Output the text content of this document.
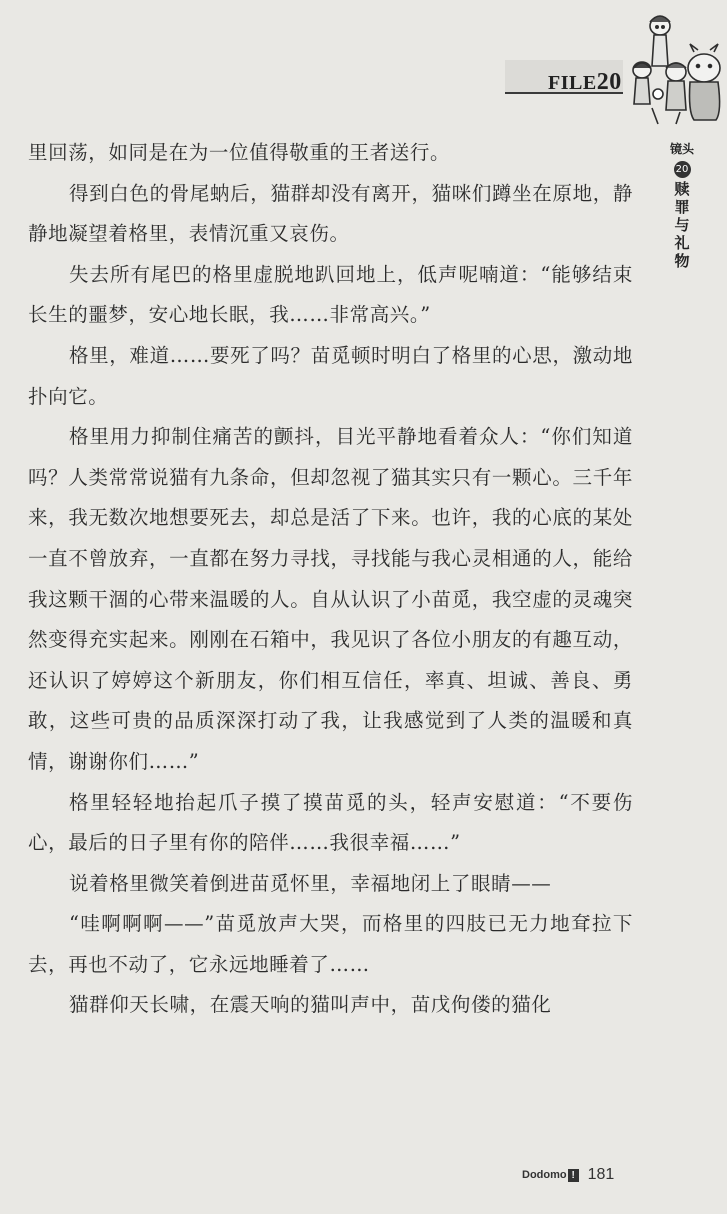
FILE20
镜头
20
赎
罪
与
礼
物

里回荡，如同是在为一位值得敬重的王者送行。

得到白色的骨尾蚋后，猫群却没有离开，猫咪们蹲坐在原地，静静地凝望着格里，表情沉重又哀伤。

失去所有尾巴的格里虚脱地趴回地上，低声呢喃道：“能够结束长生的噩梦，安心地长眠，我……非常高兴。”

格里，难道……要死了吗？苗觅顿时明白了格里的心思，激动地扑向它。

格里用力抑制住痛苦的颤抖，目光平静地看着众人：“你们知道吗？人类常常说猫有九条命，但却忽视了猫其实只有一颗心。三千年来，我无数次地想要死去，却总是活了下来。也许，我的心底的某处一直不曾放弃，一直都在努力寻找，寻找能与我心灵相通的人，能给我这颗干涸的心带来温暖的人。自从认识了小苗觅，我空虚的灵魂突然变得充实起来。刚刚在石箱中，我见识了各位小朋友的有趣互动，还认识了婷婷这个新朋友，你们相互信任，率真、坦诚、善良、勇敢，这些可贵的品质深深打动了我，让我感觉到了人类的温暖和真情，谢谢你们……”

格里轻轻地抬起爪子摸了摸苗觅的头，轻声安慰道：“不要伤心，最后的日子里有你的陪伴……我很幸福……”

说着格里微笑着倒进苗觅怀里，幸福地闭上了眼睛——

“哇啊啊啊——”苗觅放声大哭，而格里的四肢已无力地耷拉下去，再也不动了，它永远地睡着了……

猫群仰天长啸，在震天响的猫叫声中，苗戊佝偻的猫化

Dodomo ! 181
